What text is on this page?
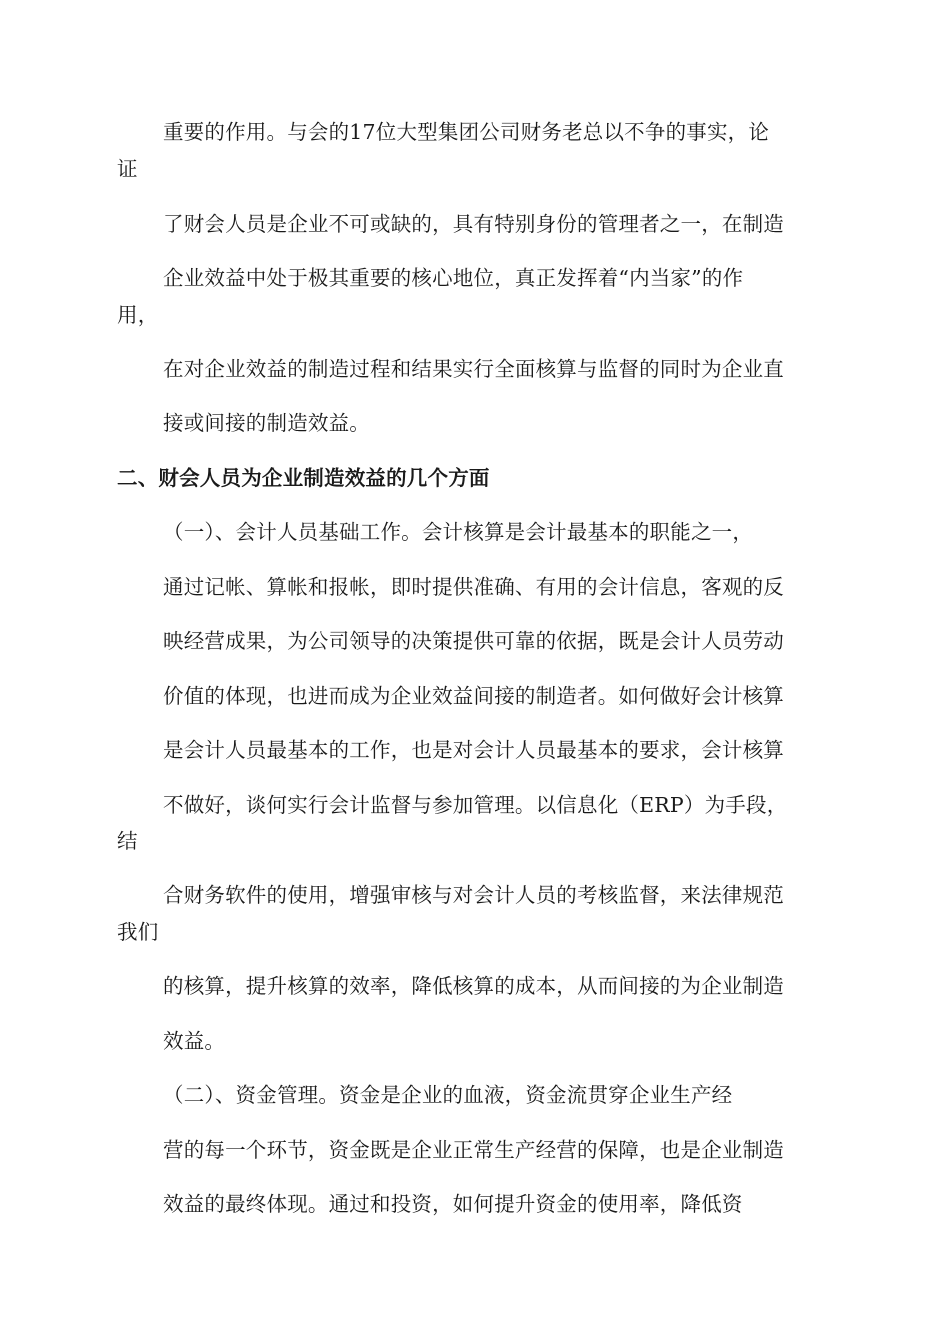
重要的作用。与会的17位大型集团公司财务老总以不争的事实，论
证
了财会人员是企业不可或缺的，具有特别身份的管理者之一，在制造
企业效益中处于极其重要的核心地位，真正发挥着“内当家”的作
用，
在对企业效益的制造过程和结果实行全面核算与监督的同时为企业直
接或间接的制造效益。
二、财会人员为企业制造效益的几个方面
（一）、会计人员基础工作。会计核算是会计最基本的职能之一，
通过记帐、算帐和报帐，即时提供准确、有用的会计信息，客观的反
映经营成果，为公司领导的决策提供可靠的依据，既是会计人员劳动
价值的体现，也进而成为企业效益间接的制造者。如何做好会计核算
是会计人员最基本的工作，也是对会计人员最基本的要求，会计核算
不做好，谈何实行会计监督与参加管理。以信息化（ERP）为手段，
结
合财务软件的使用，增强审核与对会计人员的考核监督，来法律规范
我们
的核算，提升核算的效率，降低核算的成本，从而间接的为企业制造
效益。
（二）、资金管理。资金是企业的血液，资金流贯穿企业生产经
营的每一个环节，资金既是企业正常生产经营的保障，也是企业制造
效益的最终体现。通过和投资，如何提升资金的使用率，降低资
